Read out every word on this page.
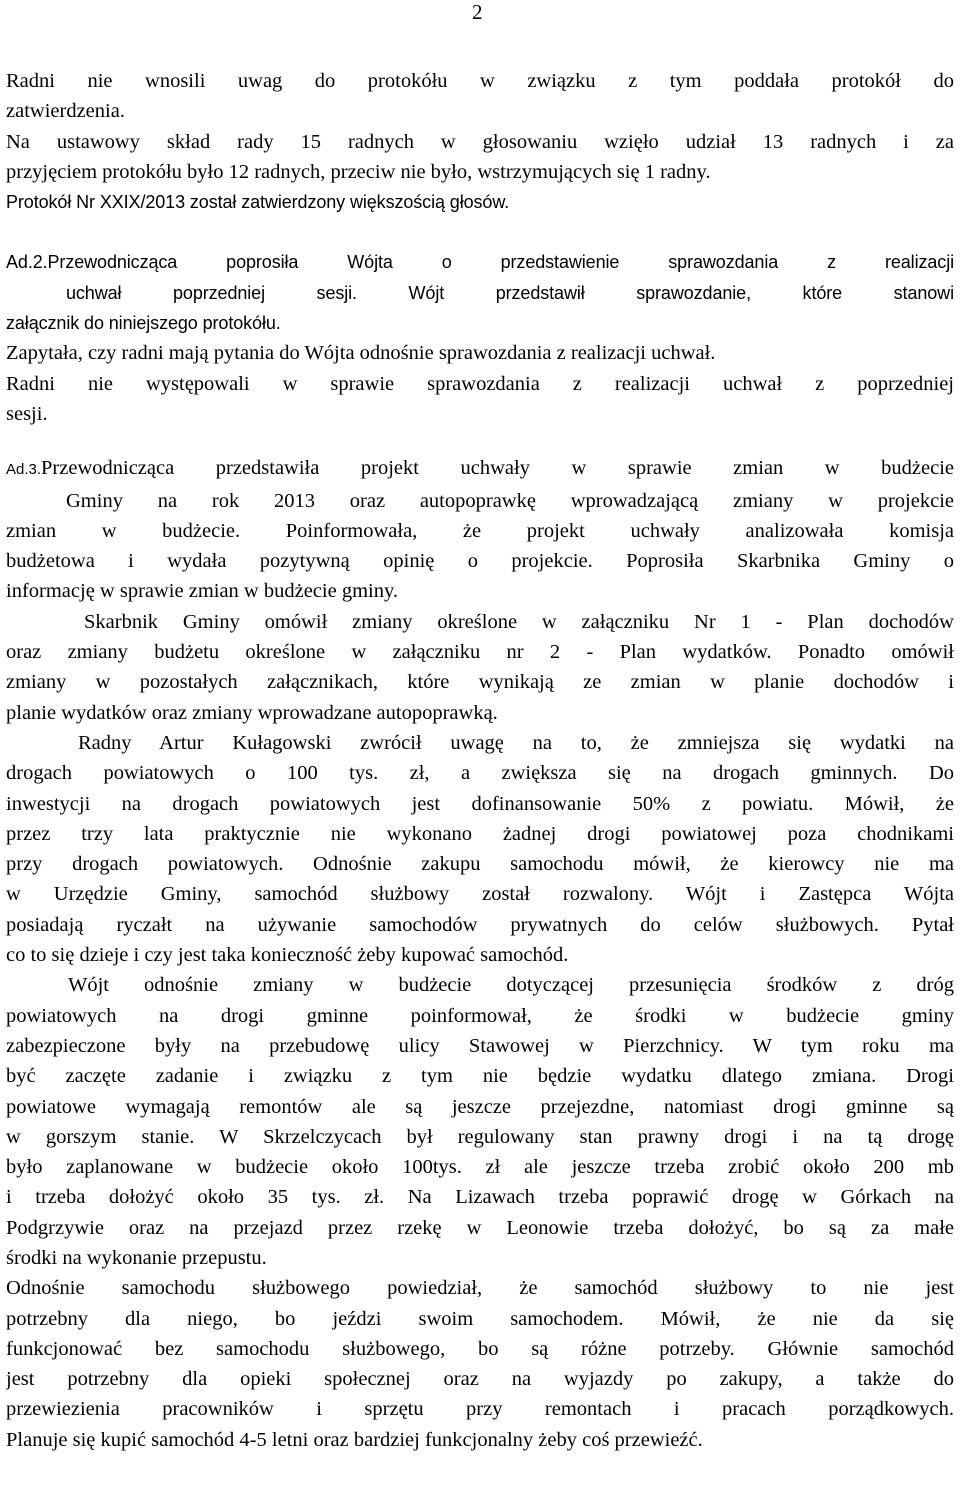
2
Radni nie wnosili uwag do protokółu w związku z tym poddała protokół do
zatwierdzenia.
Na ustawowy skład rady 15 radnych w głosowaniu wzięło udział 13 radnych i za
przyjęciem protokółu było 12 radnych, przeciw nie było, wstrzymujących się 1 radny.
Protokół Nr XXIX/2013 został zatwierdzony większością głosów.
Ad.2.Przewodnicząca poprosiła Wójta o przedstawienie sprawozdania z realizacji
uchwał poprzedniej sesji. Wójt przedstawił sprawozdanie, które stanowi
załącznik do niniejszego protokółu.
Zapytała, czy radni mają pytania do Wójta odnośnie sprawozdania z realizacji uchwał.
Radni nie występowali w sprawie sprawozdania z realizacji uchwał z poprzedniej
sesji.
Ad.3.Przewodnicząca przedstawiła projekt uchwały w sprawie zmian w budżecie
Gminy na rok 2013 oraz autopoprawkę wprowadzającą zmiany w projekcie
zmian w budżecie. Poinformowała, że projekt uchwały analizowała komisja
budżetowa i wydała pozytywną opinię o projekcie. Poprosiła Skarbnika Gminy o
informację w sprawie zmian w budżecie gminy.
Skarbnik Gminy omówił zmiany określone w załączniku Nr 1 - Plan dochodów
oraz zmiany budżetu określone w załączniku nr 2 - Plan wydatków. Ponadto omówił
zmiany w pozostałych załącznikach, które wynikają ze zmian w planie dochodów i
planie wydatków oraz zmiany wprowadzane autopoprawką.
Radny Artur Kułagowski zwrócił uwagę na to, że zmniejsza się wydatki na
drogach powiatowych o 100 tys. zł, a zwiększa się na drogach gminnych. Do
inwestycji na drogach powiatowych jest dofinansowanie 50% z powiatu. Mówił, że
przez trzy lata praktycznie nie wykonano żadnej drogi powiatowej poza chodnikami
przy drogach powiatowych. Odnośnie zakupu samochodu mówił, że kierowcy nie ma
w Urzędzie Gminy, samochód służbowy został rozwalony. Wójt i Zastępca Wójta
posiadają ryczałt na używanie samochodów prywatnych do celów służbowych. Pytał
co to się dzieje i czy jest taka konieczność żeby kupować samochód.
Wójt odnośnie zmiany w budżecie dotyczącej przesunięcia środków z dróg
powiatowych na drogi gminne poinformował, że środki w budżecie gminy
zabezpieczone były na przebudowę ulicy Stawowej w Pierzchnicy. W tym roku ma
być zaczęte zadanie i związku z tym nie będzie wydatku dlatego zmiana. Drogi
powiatowe wymagają remontów ale są jeszcze przejezdne, natomiast drogi gminne są
w gorszym stanie. W Skrzelczycach był regulowany stan prawny drogi i na tą drogę
było zaplanowane w budżecie około 100tys. zł ale jeszcze trzeba zrobić około 200 mb
i trzeba dołożyć około 35 tys. zł. Na Lizawach trzeba poprawić drogę w Górkach na
Podgrzywie oraz na przejazd przez rzekę w Leonowie trzeba dołożyć, bo są za małe
środki na wykonanie przepustu.
Odnośnie samochodu służbowego powiedział, że samochód służbowy to nie jest
potrzebny dla niego, bo jeździ swoim samochodem. Mówił, że nie da się
funkcjonować bez samochodu służbowego, bo są różne potrzeby. Głównie samochód
jest potrzebny dla opieki społecznej oraz na wyjazdy po zakupy, a także do
przewiezienia pracowników i sprzętu przy remontach i pracach porządkowych.
Planuje się kupić samochód 4-5 letni oraz bardziej funkcjonalny żeby coś przewieźć.
